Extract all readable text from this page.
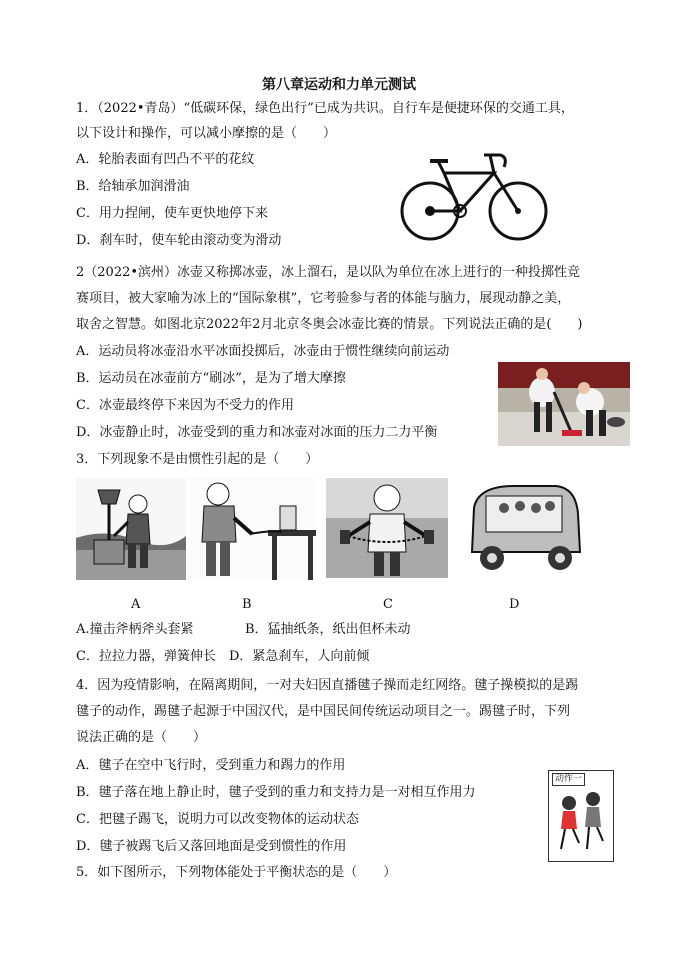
第八章运动和力单元测试
1．（2022•青岛）“低碳环保，绿色出行”已成为共识。自行车是便捷环保的交通工具，
以下设计和操作，可以减小摩擦的是（　　）
A．轮胎表面有凹凸不平的花纹
B．给轴承加润滑油
C．用力捏闸，使车更快地停下来
D．刹车时，使车轮由滚动变为滑动
2（2022•滨州）冰壶又称掷冰壶，冰上溜石，是以队为单位在冰上进行的一种投掷性竞
赛项目，被大家喻为冰上的“国际象棋”，它考验参与者的体能与脑力，展现动静之美，
取舍之智慧。如图北京2022年2月北京冬奥会冰壶比赛的情景。下列说法正确的是(　　)
A．运动员将冰壶沿水平冰面投掷后，冰壶由于惯性继续向前运动
B．运动员在冰壶前方“刷冰”，是为了增大摩擦
C．冰壶最终停下来因为不受力的作用
D．冰壶静止时，冰壶受到的重力和冰壶对冰面的压力二力平衡
3．下列现象不是由惯性引起的是（　　）
A	B	C	D
A.撞击斧柄斧头套紧	B．猛抽纸条，纸出但杯未动
C．拉拉力器，弹簧伸长　D．紧急刹车，人向前倾
4．因为疫情影响，在隔离期间，一对夫妇因直播毽子操而走红网络。毽子操模拟的是踢
毽子的动作，踢毽子起源于中国汉代，是中国民间传统运动项目之一。踢毽子时，下列
说法正确的是（　　）
A．毽子在空中飞行时，受到重力和踢力的作用
B．毽子落在地上静止时，毽子受到的重力和支持力是一对相互作用力
C．把毽子踢飞，说明力可以改变物体的运动状态
D．毽子被踢飞后又落回地面是受到惯性的作用
动作一
5．如下图所示，下列物体能处于平衡状态的是（　　）
